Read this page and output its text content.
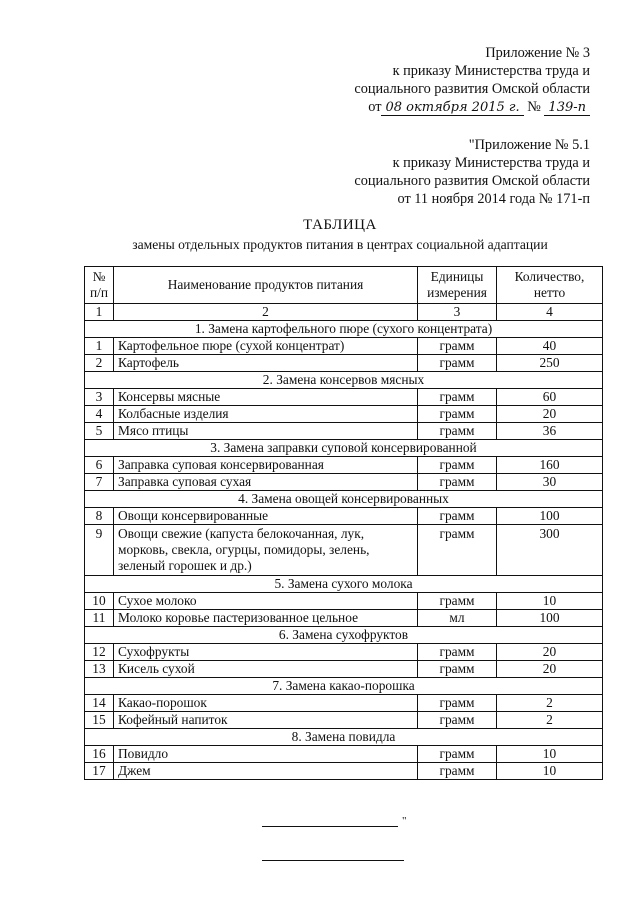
Приложение № 3
к приказу Министерства труда и
социального развития Омской области
от 08 октября 2015 г. № 139-п
"Приложение № 5.1
к приказу Министерства труда и
социального развития Омской области
от 11 ноября 2014 года № 171-п
ТАБЛИЦА
замены отдельных продуктов питания в центрах социальной адаптации
№ п/п	Наименование продуктов питания	Единицы измерения	Количество, нетто
1	2	3	4
1. Замена картофельного пюре (сухого концентрата)			
1	Картофельное пюре (сухой концентрат)	грамм	40
2	Картофель	грамм	250
2. Замена консервов мясных			
3	Консервы мясные	грамм	60
4	Колбасные изделия	грамм	20
5	Мясо птицы	грамм	36
3. Замена заправки суповой консервированной			
6	Заправка суповая консервированная	грамм	160
7	Заправка суповая сухая	грамм	30
4. Замена овощей консервированных			
8	Овощи консервированные	грамм	100
9	Овощи свежие (капуста белокочанная, лук, морковь, свекла, огурцы, помидоры, зелень, зеленый горошек и др.)	грамм	300
5. Замена сухого молока			
10	Сухое молоко	грамм	10
11	Молоко коровье пастеризованное цельное	мл	100
6. Замена сухофруктов			
12	Сухофрукты	грамм	20
13	Кисель сухой	грамм	20
7. Замена какао-порошка			
14	Какао-порошок	грамм	2
15	Кофейный напиток	грамм	2
8. Замена повидла			
16	Повидло	грамм	10
17	Джем	грамм	10
"
